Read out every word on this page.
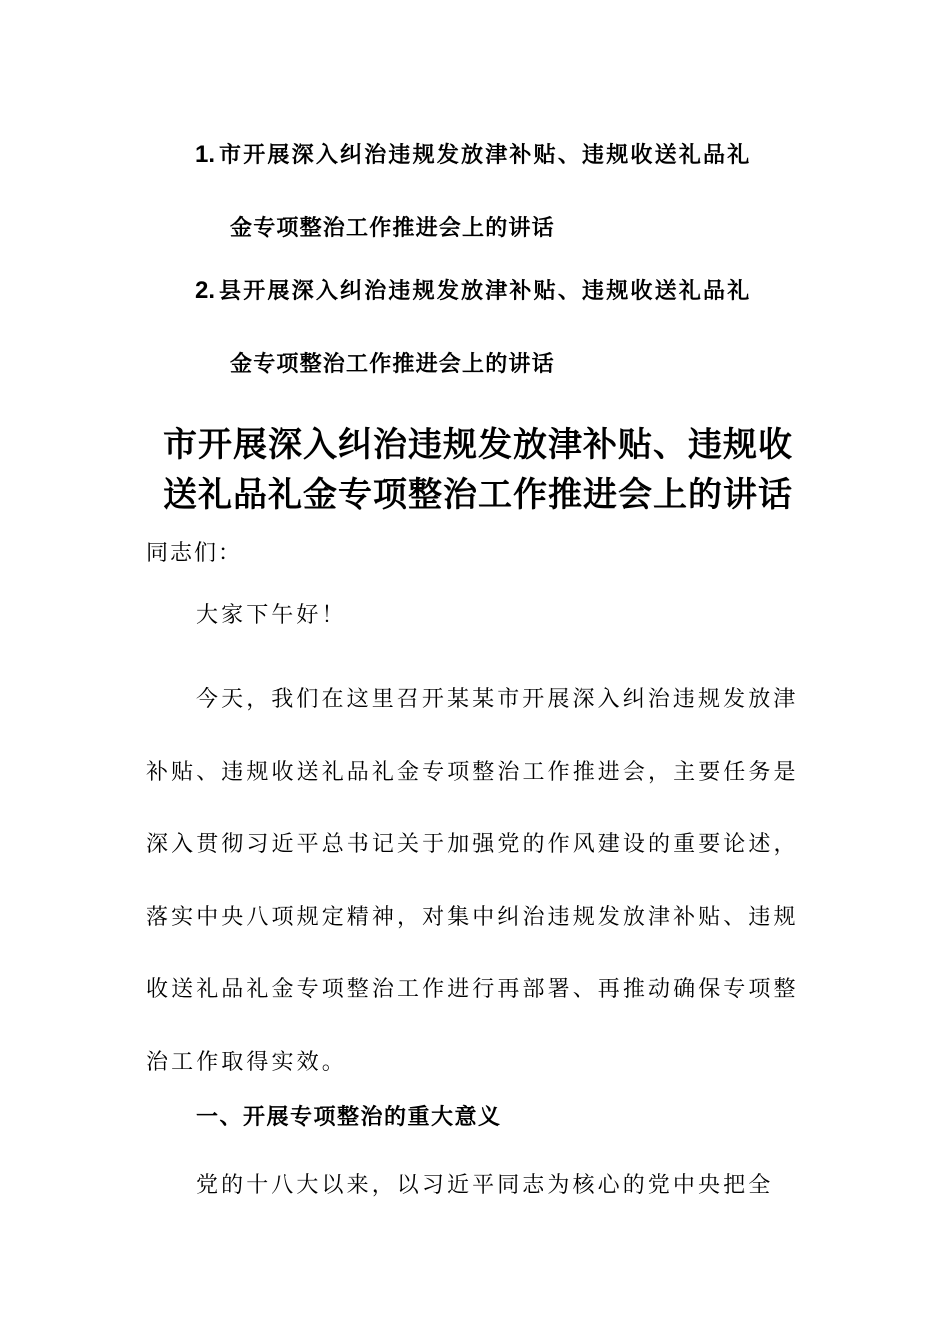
1. 市开展深入纠治违规发放津补贴、违规收送礼品礼
金专项整治工作推进会上的讲话
2. 县开展深入纠治违规发放津补贴、违规收送礼品礼
金专项整治工作推进会上的讲话
市开展深入纠治违规发放津补贴、违规收送礼品礼金专项整治工作推进会上的讲话
同志们：

大家下午好！

今天，我们在这里召开某某市开展深入纠治违规发放津补贴、违规收送礼品礼金专项整治工作推进会，主要任务是深入贯彻习近平总书记关于加强党的作风建设的重要论述，落实中央八项规定精神，对集中纠治违规发放津补贴、违规收送礼品礼金专项整治工作进行再部署、再推动确保专项整治工作取得实效。

一、开展专项整治的重大意义

党的十八大以来，以习近平同志为核心的党中央把全
